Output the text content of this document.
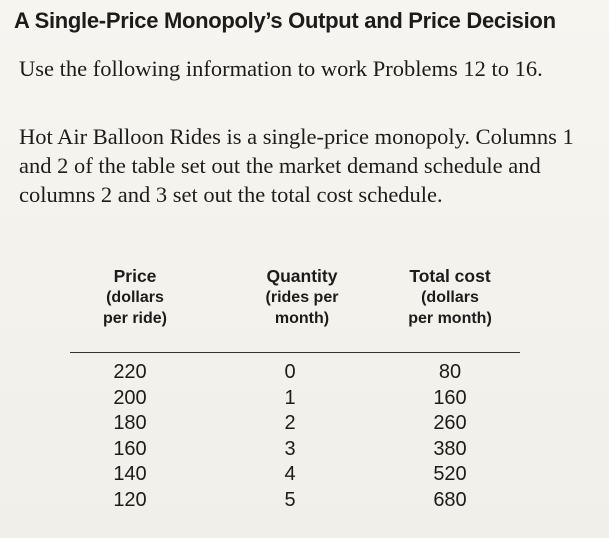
A Single-Price Monopoly’s Output and Price Decision
Use the following information to work Problems 12 to 16.
Hot Air Balloon Rides is a single-price monopoly. Columns 1 and 2 of the table set out the market demand schedule and columns 2 and 3 set out the total cost schedule.
Price
(dollars
per ride)
Quantity
(rides per
month)
Total cost
(dollars
per month)
220
200
180
160
140
120
0
1
2
3
4
5
80
160
260
380
520
680
